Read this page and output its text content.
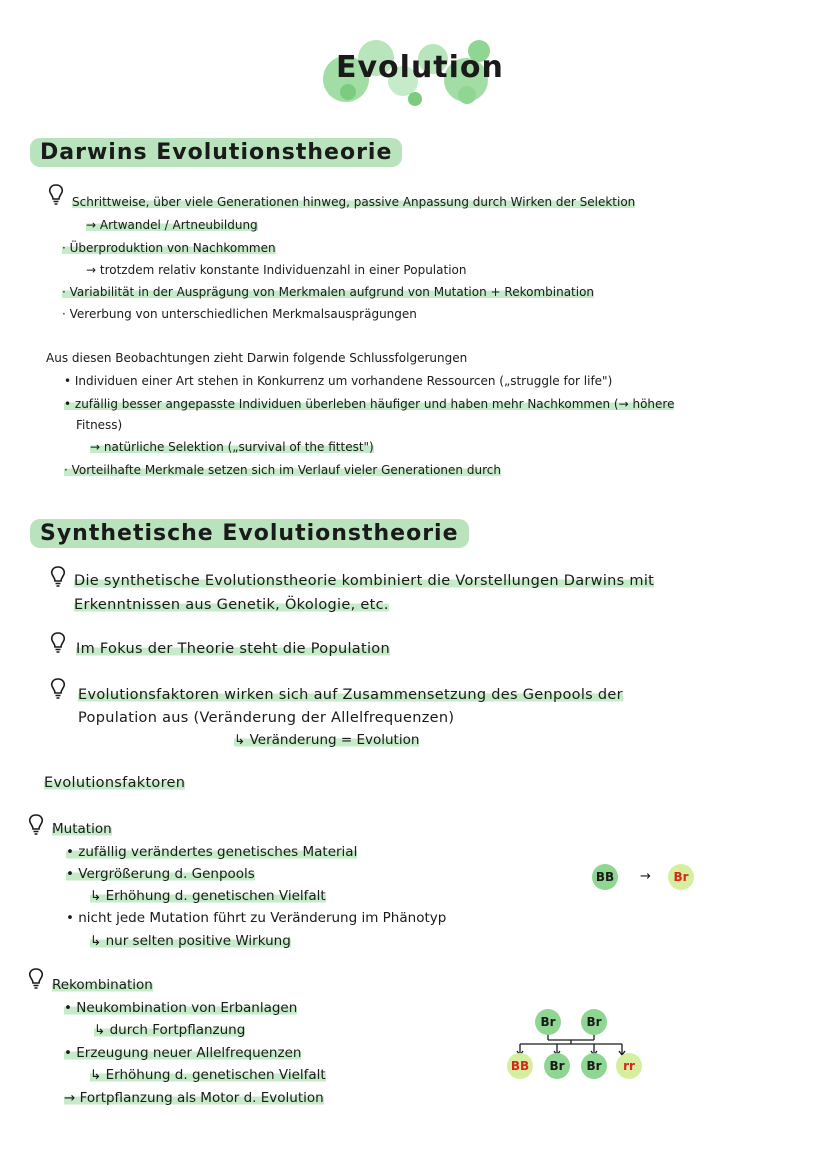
Evolution
Darwins Evolutionstheorie
Schrittweise, über viele Generationen hinweg, passive Anpassung durch Wirken der Selektion
→ Artwandel / Artneubildung
· Überproduktion von Nachkommen
→ trotzdem relativ konstante Individuenzahl in einer Population
· Variabilität in der Ausprägung von Merkmalen aufgrund von Mutation + Rekombination
· Vererbung von unterschiedlichen Merkmalsausprägungen
Aus diesen Beobachtungen zieht Darwin folgende Schlussfolgerungen
• Individuen einer Art stehen in Konkurrenz um vorhandene Ressourcen („struggle for life")
• zufällig besser angepasste Individuen überleben häufiger und haben mehr Nachkommen (→ höhere
Fitness)
→ natürliche Selektion („survival of the fittest")
· Vorteilhafte Merkmale setzen sich im Verlauf vieler Generationen durch
Synthetische Evolutionstheorie
Die synthetische Evolutionstheorie kombiniert die Vorstellungen Darwins mit
Erkenntnissen aus Genetik, Ökologie, etc.
Im Fokus der Theorie steht die Population
Evolutionsfaktoren wirken sich auf Zusammensetzung des Genpools der
Population aus (Veränderung der Allelfrequenzen)
↳ Veränderung = Evolution
Evolutionsfaktoren
Mutation
• zufällig verändertes genetisches Material
• Vergrößerung d. Genpools
↳ Erhöhung d. genetischen Vielfalt
• nicht jede Mutation führt zu Veränderung im Phänotyp
↳ nur selten positive Wirkung
BB →	Br
Rekombination
• Neukombination von Erbanlagen
↳ durch Fortpflanzung
• Erzeugung neuer Allelfrequenzen
↳ Erhöhung d. genetischen Vielfalt
→ Fortpflanzung als Motor d. Evolution
Br	Br
BB	Br	Br	rr
